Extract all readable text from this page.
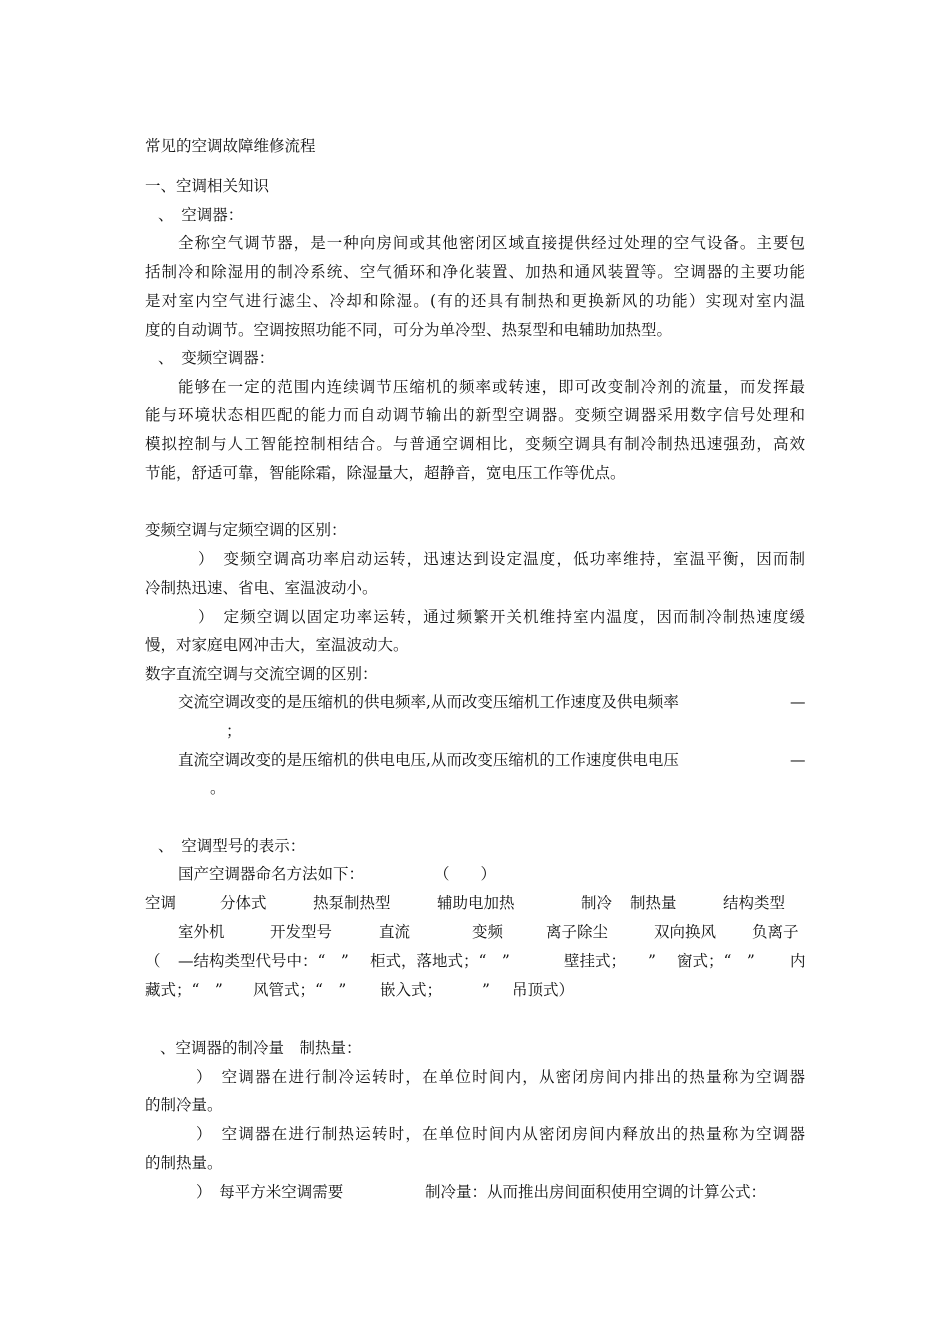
常见的空调故障维修流程
一、空调相关知识
、　空调器：
全称空气调节器，是一种向房间或其他密闭区域直接提供经过处理的空气设备。主要包
括制冷和除湿用的制冷系统、空气循环和净化装置、加热和通风装置等。空调器的主要功能
是对室内空气进行滤尘、冷却和除湿。(有的还具有制热和更换新风的功能）实现对室内温
度的自动调节。空调按照功能不同，可分为单冷型、热泵型和电辅助加热型。
、　变频空调器：
能够在一定的范围内连续调节压缩机的频率或转速，即可改变制冷剂的流量，而发挥最
能与环境状态相匹配的能力而自动调节输出的新型空调器。变频空调器采用数字信号处理和
模拟控制与人工智能控制相结合。与普通空调相比，变频空调具有制冷制热迅速强劲，高效
节能，舒适可靠，智能除霜，除湿量大，超静音，宽电压工作等优点。
变频空调与定频空调的区别：
）　变频空调高功率启动运转，迅速达到设定温度，低功率维持，室温平衡，因而制
冷制热迅速、省电、室温波动小。
）　定频空调以固定功率运转，通过频繁开关机维持室内温度，因而制冷制热速度缓
慢，对家庭电网冲击大，室温波动大。
数字直流空调与交流空调的区别：
交流空调改变的是压缩机的供电频率,从而改变压缩机工作速度及供电频率	—
；
直流空调改变的是压缩机的供电电压,从而改变压缩机的工作速度供电电压	—
。
、　空调型号的表示：
国产空调器命名方法如下：	（　　）
空调	分体式	热泵制热型	辅助电加热	制冷 制热量	结构类型
室外机	开发型号	直流	变频	离子除尘	双向换风 负离子
（ —结构类型代号中：“　” 柜式，落地式；“　”	壁挂式； ” 窗式；“　” 内
藏式；“　” 风管式；“　” 嵌入式；	” 吊顶式）
、空调器的制冷量　制热量：
）　空调器在进行制冷运转时，在单位时间内，从密闭房间内排出的热量称为空调器
的制冷量。
）　空调器在进行制热运转时，在单位时间内从密闭房间内释放出的热量称为空调器
的制热量。
）　每平方米空调需要	制冷量：从而推出房间面积使用空调的计算公式：
